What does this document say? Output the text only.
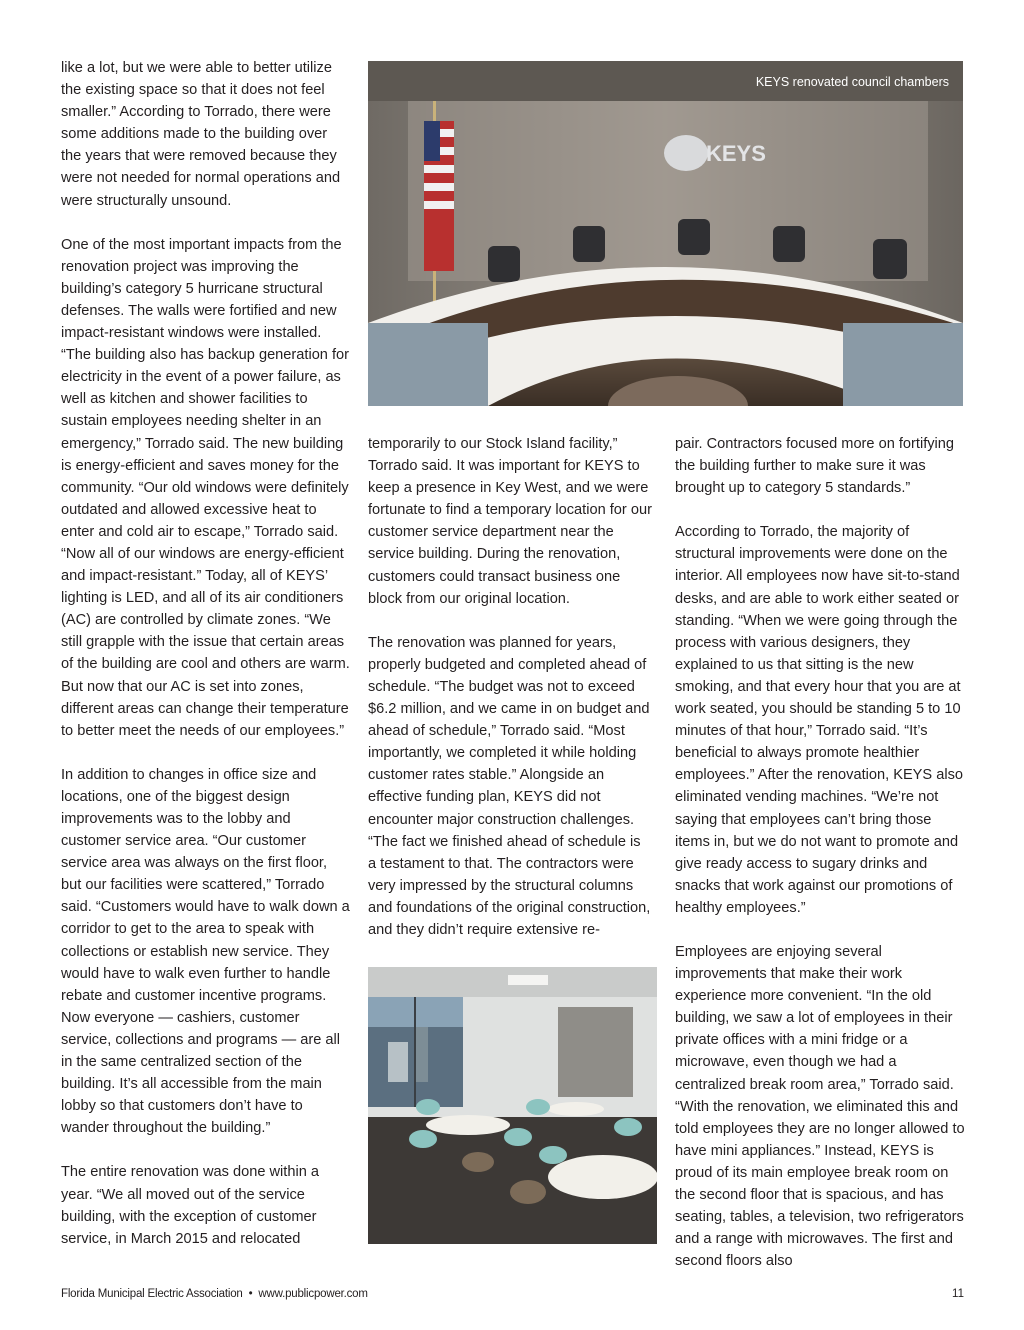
like a lot, but we were able to better utilize the existing space so that it does not feel smaller.” According to Torrado, there were some additions made to the building over the years that were removed because they were not needed for normal operations and were structurally unsound.

One of the most important impacts from the renovation project was improving the building’s category 5 hurricane structural defenses. The walls were fortified and new impact-resistant windows were installed. “The building also has backup generation for electricity in the event of a power failure, as well as kitchen and shower facilities to sustain employees needing shelter in an emergency,” Torrado said. The new building is energy-efficient and saves money for the community. “Our old windows were definitely outdated and allowed excessive heat to enter and cold air to escape,” Torrado said. “Now all of our windows are energy-efficient and impact-resistant.” Today, all of KEYS’ lighting is LED, and all of its air conditioners (AC) are controlled by climate zones. “We still grapple with the issue that certain areas of the building are cool and others are warm. But now that our AC is set into zones, different areas can change their temperature to better meet the needs of our employees.”

In addition to changes in office size and locations, one of the biggest design improvements was to the lobby and customer service area. “Our customer service area was always on the first floor, but our facilities were scattered,” Torrado said. “Customers would have to walk down a corridor to get to the area to speak with collections or establish new service. They would have to walk even further to handle rebate and customer incentive programs. Now everyone — cashiers, customer service, collections and programs — are all in the same centralized section of the building. It’s all accessible from the main lobby so that customers don’t have to wander throughout the building.”

The entire renovation was done within a year. “We all moved out of the service building, with the exception of customer service, in March 2015 and relocated

KEYS
KEYS renovated council chambers

temporarily to our Stock Island facility,” Torrado said. It was important for KEYS to keep a presence in Key West, and we were fortunate to find a temporary location for our customer service department near the service building. During the renovation, customers could transact business one block from our original location.

The renovation was planned for years, properly budgeted and completed ahead of schedule. “The budget was not to exceed $6.2 million, and we came in on budget and ahead of schedule,” Torrado said. “Most importantly, we completed it while holding customer rates stable.” Alongside an effective funding plan, KEYS did not encounter major construction challenges. “The fact we finished ahead of schedule is a testament to that. The contractors were very impressed by the structural columns and foundations of the original construction, and they didn’t require extensive re-

pair. Contractors focused more on fortifying the building further to make sure it was brought up to category 5 standards.”

According to Torrado, the majority of structural improvements were done on the interior. All employees now have sit-to-stand desks, and are able to work either seated or standing. “When we were going through the process with various designers, they explained to us that sitting is the new smoking, and that every hour that you are at work seated, you should be standing 5 to 10 minutes of that hour,” Torrado said. “It’s beneficial to always promote healthier employees.” After the renovation, KEYS also eliminated vending machines. “We’re not saying that employees can’t bring those items in, but we do not want to promote and give ready access to sugary drinks and snacks that work against our promotions of healthy employees.”

Employees are enjoying several improvements that make their work experience more convenient. “In the old building, we saw a lot of employees in their private offices with a mini fridge or a microwave, even though we had a centralized break room area,” Torrado said. “With the renovation, we eliminated this and told employees they are no longer allowed to have mini appliances.” Instead, KEYS is proud of its main employee break room on the second floor that is spacious, and has seating, tables, a television, two refrigerators and a range with microwaves. The first and second floors also

Florida Municipal Electric Association • www.publicpower.com	11
